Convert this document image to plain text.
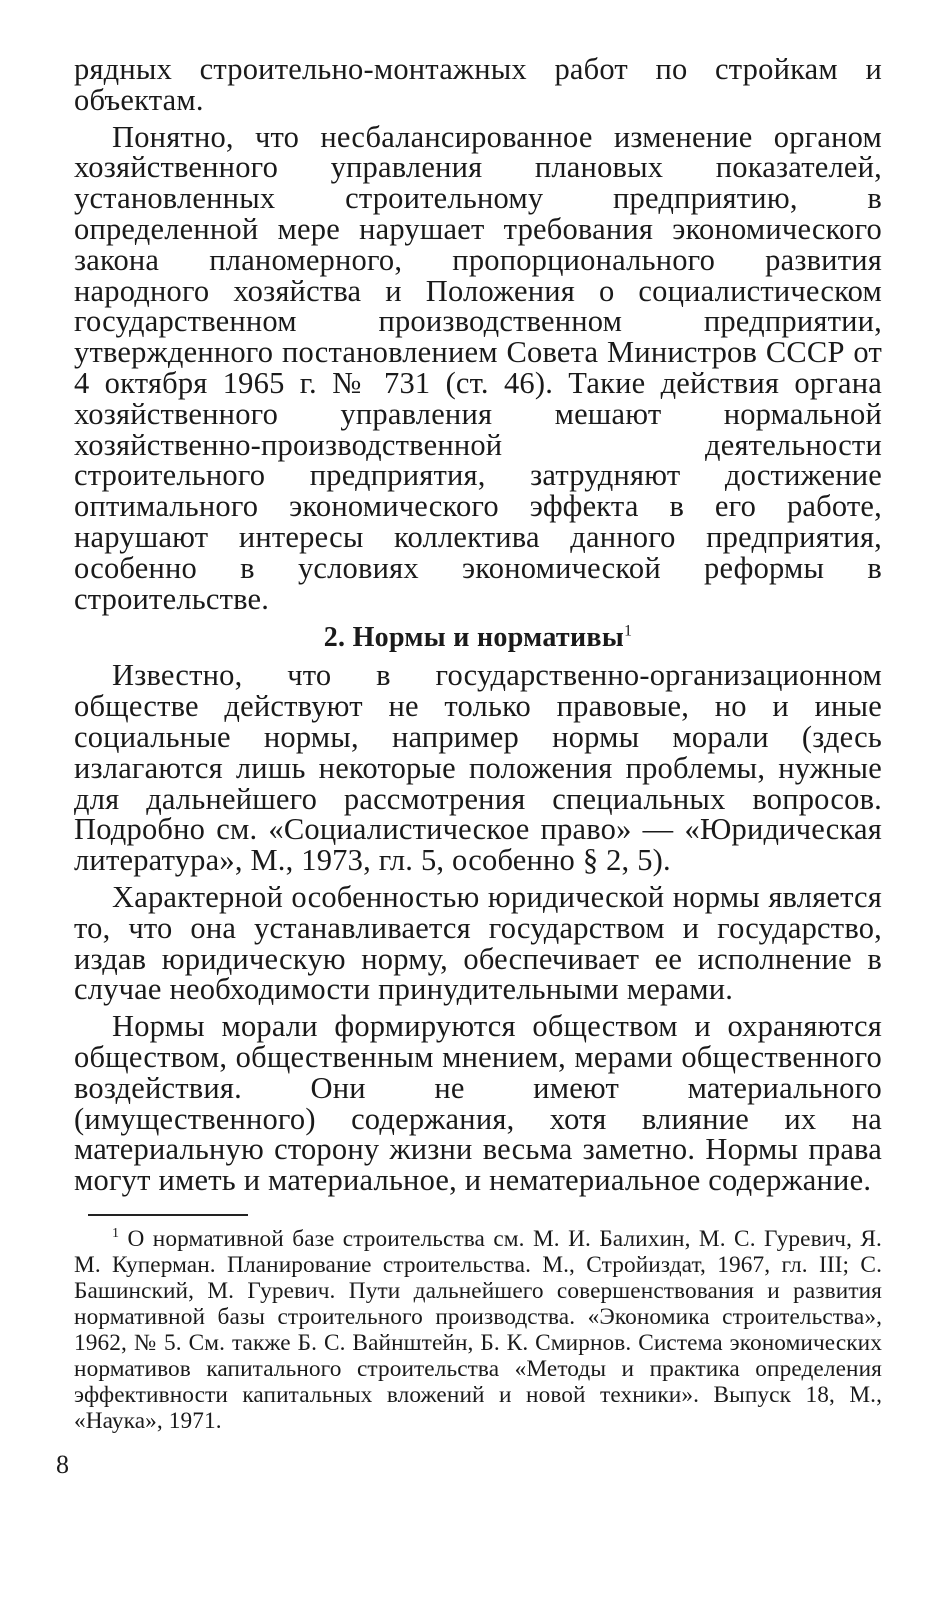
рядных строительно-монтажных работ по стройкам и объектам.

Понятно, что несбалансированное изменение органом хозяйственного управления плановых показателей, установленных строительному предприятию, в определенной мере нарушает требования экономического закона планомерного, пропорционального развития народного хозяйства и Положения о социалистическом государственном производственном предприятии, утвержденного постановлением Совета Министров СССР от 4 октября 1965 г. № 731 (ст. 46). Такие действия органа хозяйственного управления мешают нормальной хозяйственно-производственной деятельности строительного предприятия, затрудняют достижение оптимального экономического эффекта в его работе, нарушают интересы коллектива данного предприятия, особенно в условиях экономической реформы в строительстве.

2. Нормы и нормативы$^1$

Известно, что в государственно-организационном обществе действуют не только правовые, но и иные социальные нормы, например нормы морали (здесь излагаются лишь некоторые положения проблемы, нужные для дальнейшего рассмотрения специальных вопросов. Подробно см. «Социалистическое право» — «Юридическая литература», М., 1973, гл. 5, особенно § 2, 5).

Характерной особенностью юридической нормы является то, что она устанавливается государством и государство, издав юридическую норму, обеспечивает ее исполнение в случае необходимости принудительными мерами.

Нормы морали формируются обществом и охраняются обществом, общественным мнением, мерами общественного воздействия. Они не имеют материального (имущественного) содержания, хотя влияние их на материальную сторону жизни весьма заметно. Нормы права могут иметь и материальное, и нематериальное содержание.

$^1$ О нормативной базе строительства см. М. И. Балихин, М. С. Гуревич, Я. М. Куперман. Планирование строительства. М., Стройиздат, 1967, гл. III; С. Башинский, М. Гуревич. Пути дальнейшего совершенствования и развития нормативной базы строительного производства. «Экономика строительства», 1962, № 5. См. также Б. С. Вайнштейн, Б. К. Смирнов. Система экономических нормативов капитального строительства «Методы и практика определения эффективности капитальных вложений и новой техники». Выпуск 18, М., «Наука», 1971.

8
